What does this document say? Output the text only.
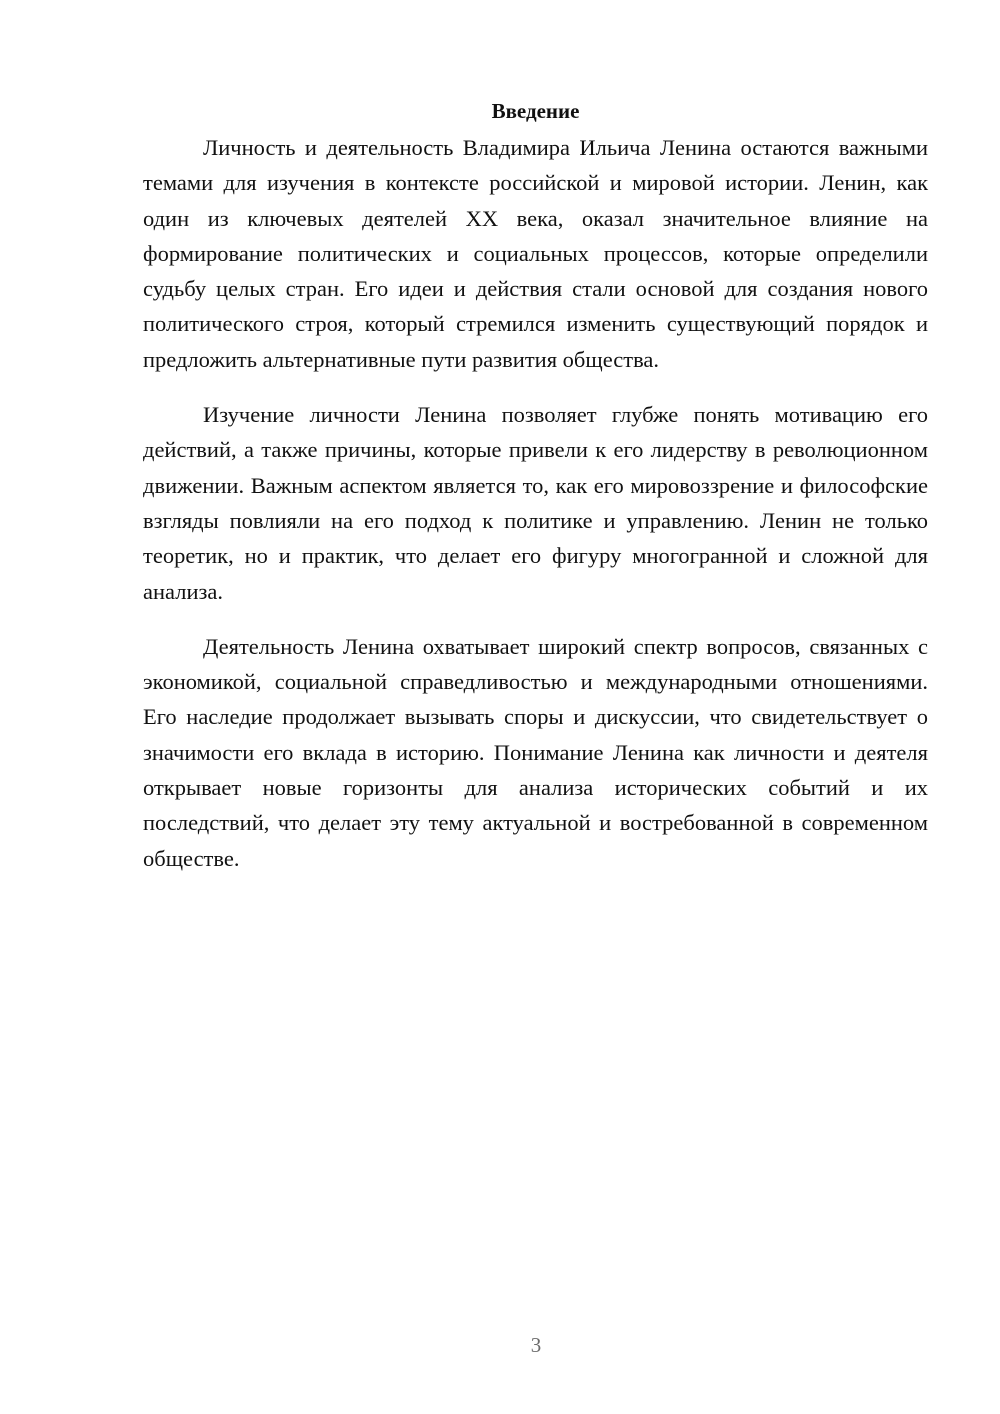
Введение

Личность и деятельность Владимира Ильича Ленина остаются важными темами для изучения в контексте российской и мировой истории. Ленин, как один из ключевых деятелей XX века, оказал значительное влияние на формирование политических и социальных процессов, которые определили судьбу целых стран. Его идеи и действия стали основой для создания нового политического строя, который стремился изменить существующий порядок и предложить альтернативные пути развития общества.

Изучение личности Ленина позволяет глубже понять мотивацию его действий, а также причины, которые привели к его лидерству в революционном движении. Важным аспектом является то, как его мировоззрение и философские взгляды повлияли на его подход к политике и управлению. Ленин не только теоретик, но и практик, что делает его фигуру многогранной и сложной для анализа.

Деятельность Ленина охватывает широкий спектр вопросов, связанных с экономикой, социальной справедливостью и международными отношениями. Его наследие продолжает вызывать споры и дискуссии, что свидетельствует о значимости его вклада в историю. Понимание Ленина как личности и деятеля открывает новые горизонты для анализа исторических событий и их последствий, что делает эту тему актуальной и востребованной в современном обществе.

3
